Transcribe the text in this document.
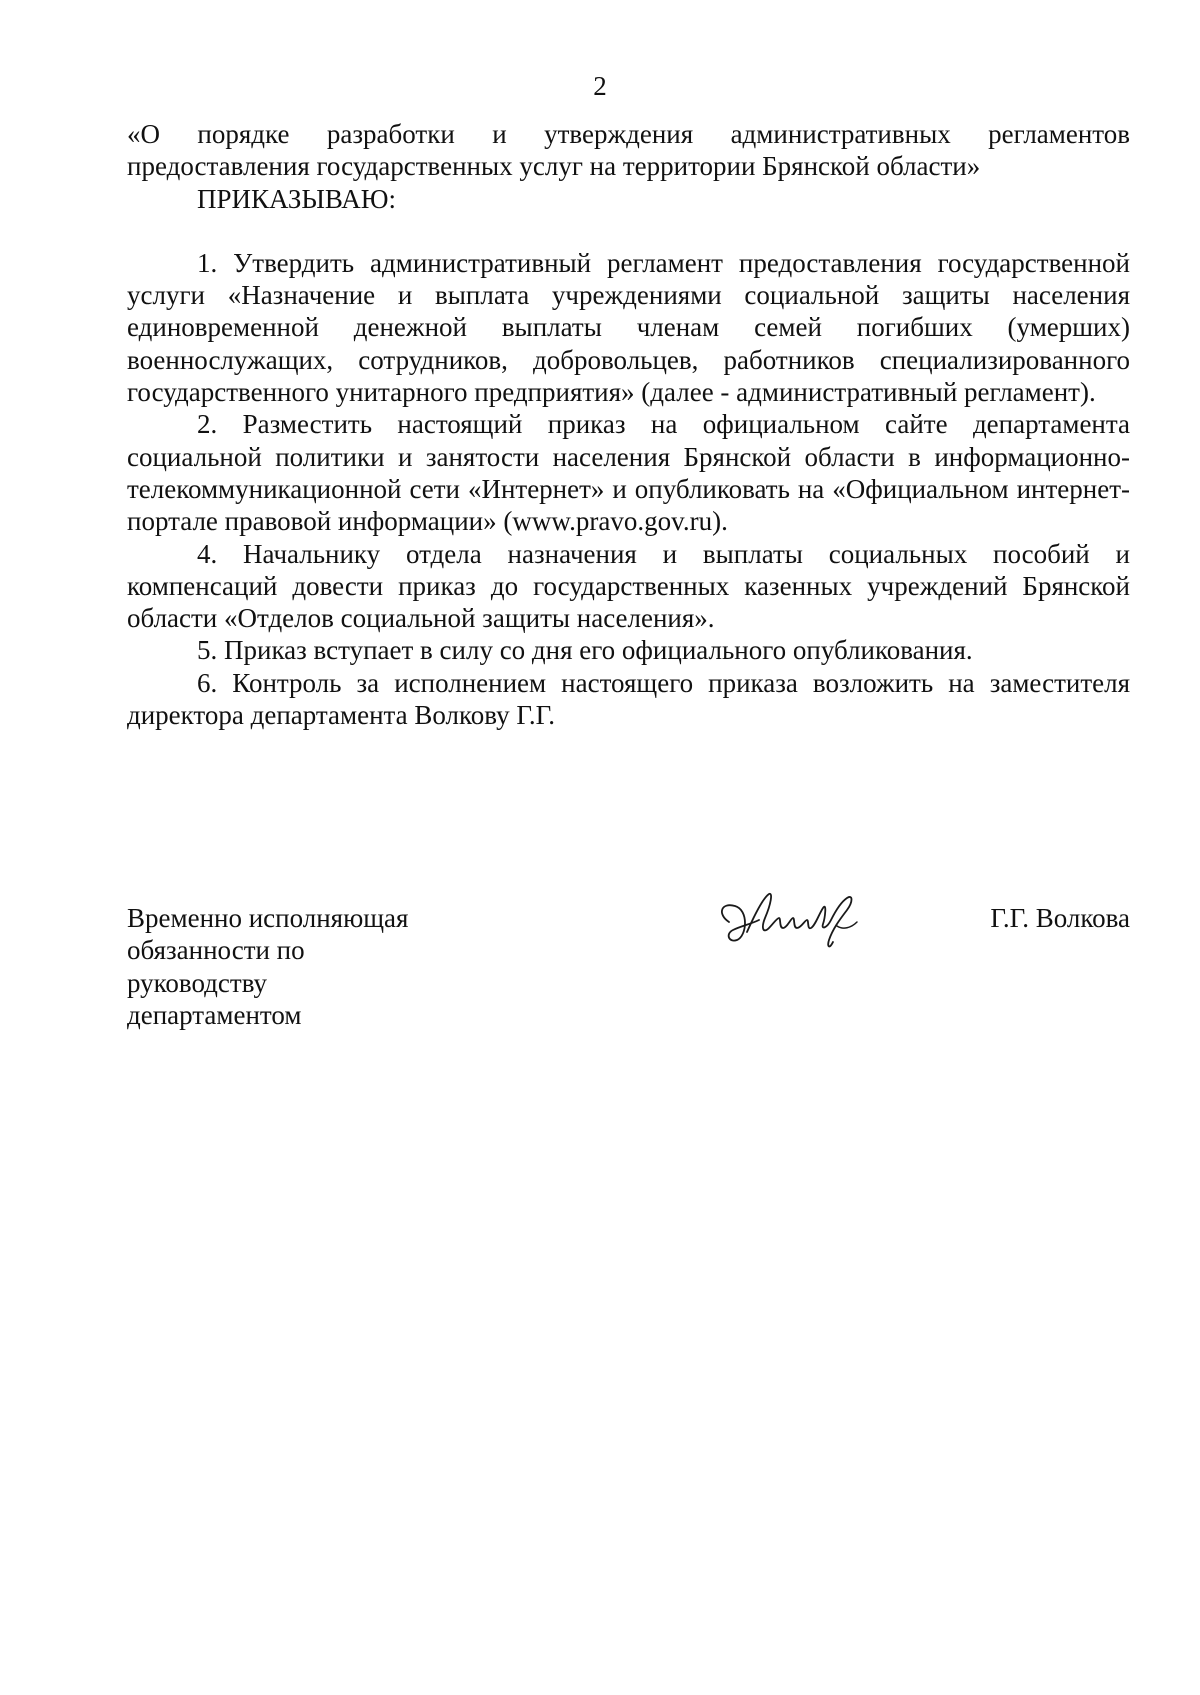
2

«О порядке разработки и утверждения административных регламентов предоставления государственных услуг на территории Брянской области»

ПРИКАЗЫВАЮ:

1. Утвердить административный регламент предоставления государственной услуги «Назначение и выплата учреждениями социальной защиты населения единовременной денежной выплаты членам семей погибших (умерших) военнослужащих, сотрудников, добровольцев, работников специализированного государственного унитарного предприятия» (далее - административный регламент).

2. Разместить настоящий приказ на официальном сайте департамента социальной политики и занятости населения Брянской области в информационно-телекоммуникационной сети «Интернет» и опубликовать на «Официальном интернет-портале правовой информации» (www.pravo.gov.ru).

4. Начальнику отдела назначения и выплаты социальных пособий и компенсаций довести приказ до государственных казенных учреждений Брянской области «Отделов социальной защиты населения».

5. Приказ вступает в силу со дня его официального опубликования.

6. Контроль за исполнением настоящего приказа возложить на заместителя директора департамента Волкову Г.Г.

Временно исполняющая
обязанности по
руководству
департаментом
Г.Г. Волкова
